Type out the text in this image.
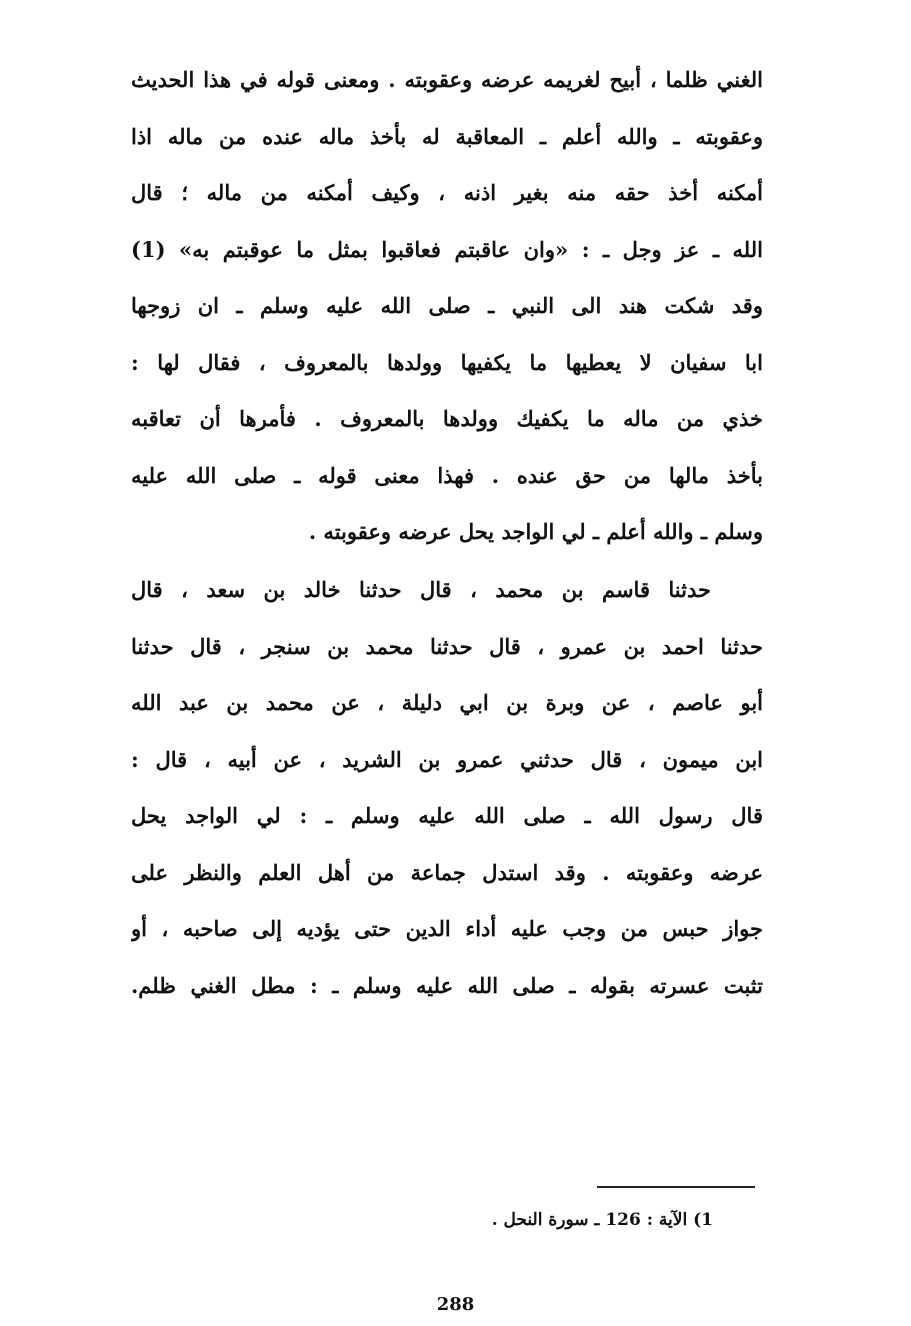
الغني ظلما ، أبيح لغريمه عرضه وعقوبته . ومعنى قوله في هذا الحديث
وعقوبته ـ والله أعلم ـ المعاقبة له بأخذ ماله عنده من ماله اذا
أمكنه أخذ حقه منه بغير اذنه ، وكيف أمكنه من ماله ؛ قال
الله ـ عز وجل ـ : «وان عاقبتم فعاقبوا بمثل ما عوقبتم به» (1)
وقد شكت هند الى النبي ـ صلى الله عليه وسلم ـ ان زوجها
ابا سفيان لا يعطيها ما يكفيها وولدها بالمعروف ، فقال لها :
خذي من ماله ما يكفيك وولدها بالمعروف . فأمرها أن تعاقبه
بأخذ مالها من حق عنده . فهذا معنى قوله ـ صلى الله عليه
وسلم ـ والله أعلم ـ لي الواجد يحل عرضه وعقوبته .
حدثنا قاسم بن محمد ، قال حدثنا خالد بن سعد ، قال
حدثنا احمد بن عمرو ، قال حدثنا محمد بن سنجر ، قال حدثنا
أبو عاصم ، عن وبرة بن ابي دليلة ، عن محمد بن عبد الله
ابن ميمون ، قال حدثني عمرو بن الشريد ، عن أبيه ، قال :
قال رسول الله ـ صلى الله عليه وسلم ـ : لي الواجد يحل
عرضه وعقوبته . وقد استدل جماعة من أهل العلم والنظر على
جواز حبس من وجب عليه أداء الدين حتى يؤديه إلى صاحبه ، أو
تثبت عسرته بقوله ـ صلى الله عليه وسلم ـ : مطل الغني ظلم.
1) الآية : 126 ـ سورة النحل .
288
